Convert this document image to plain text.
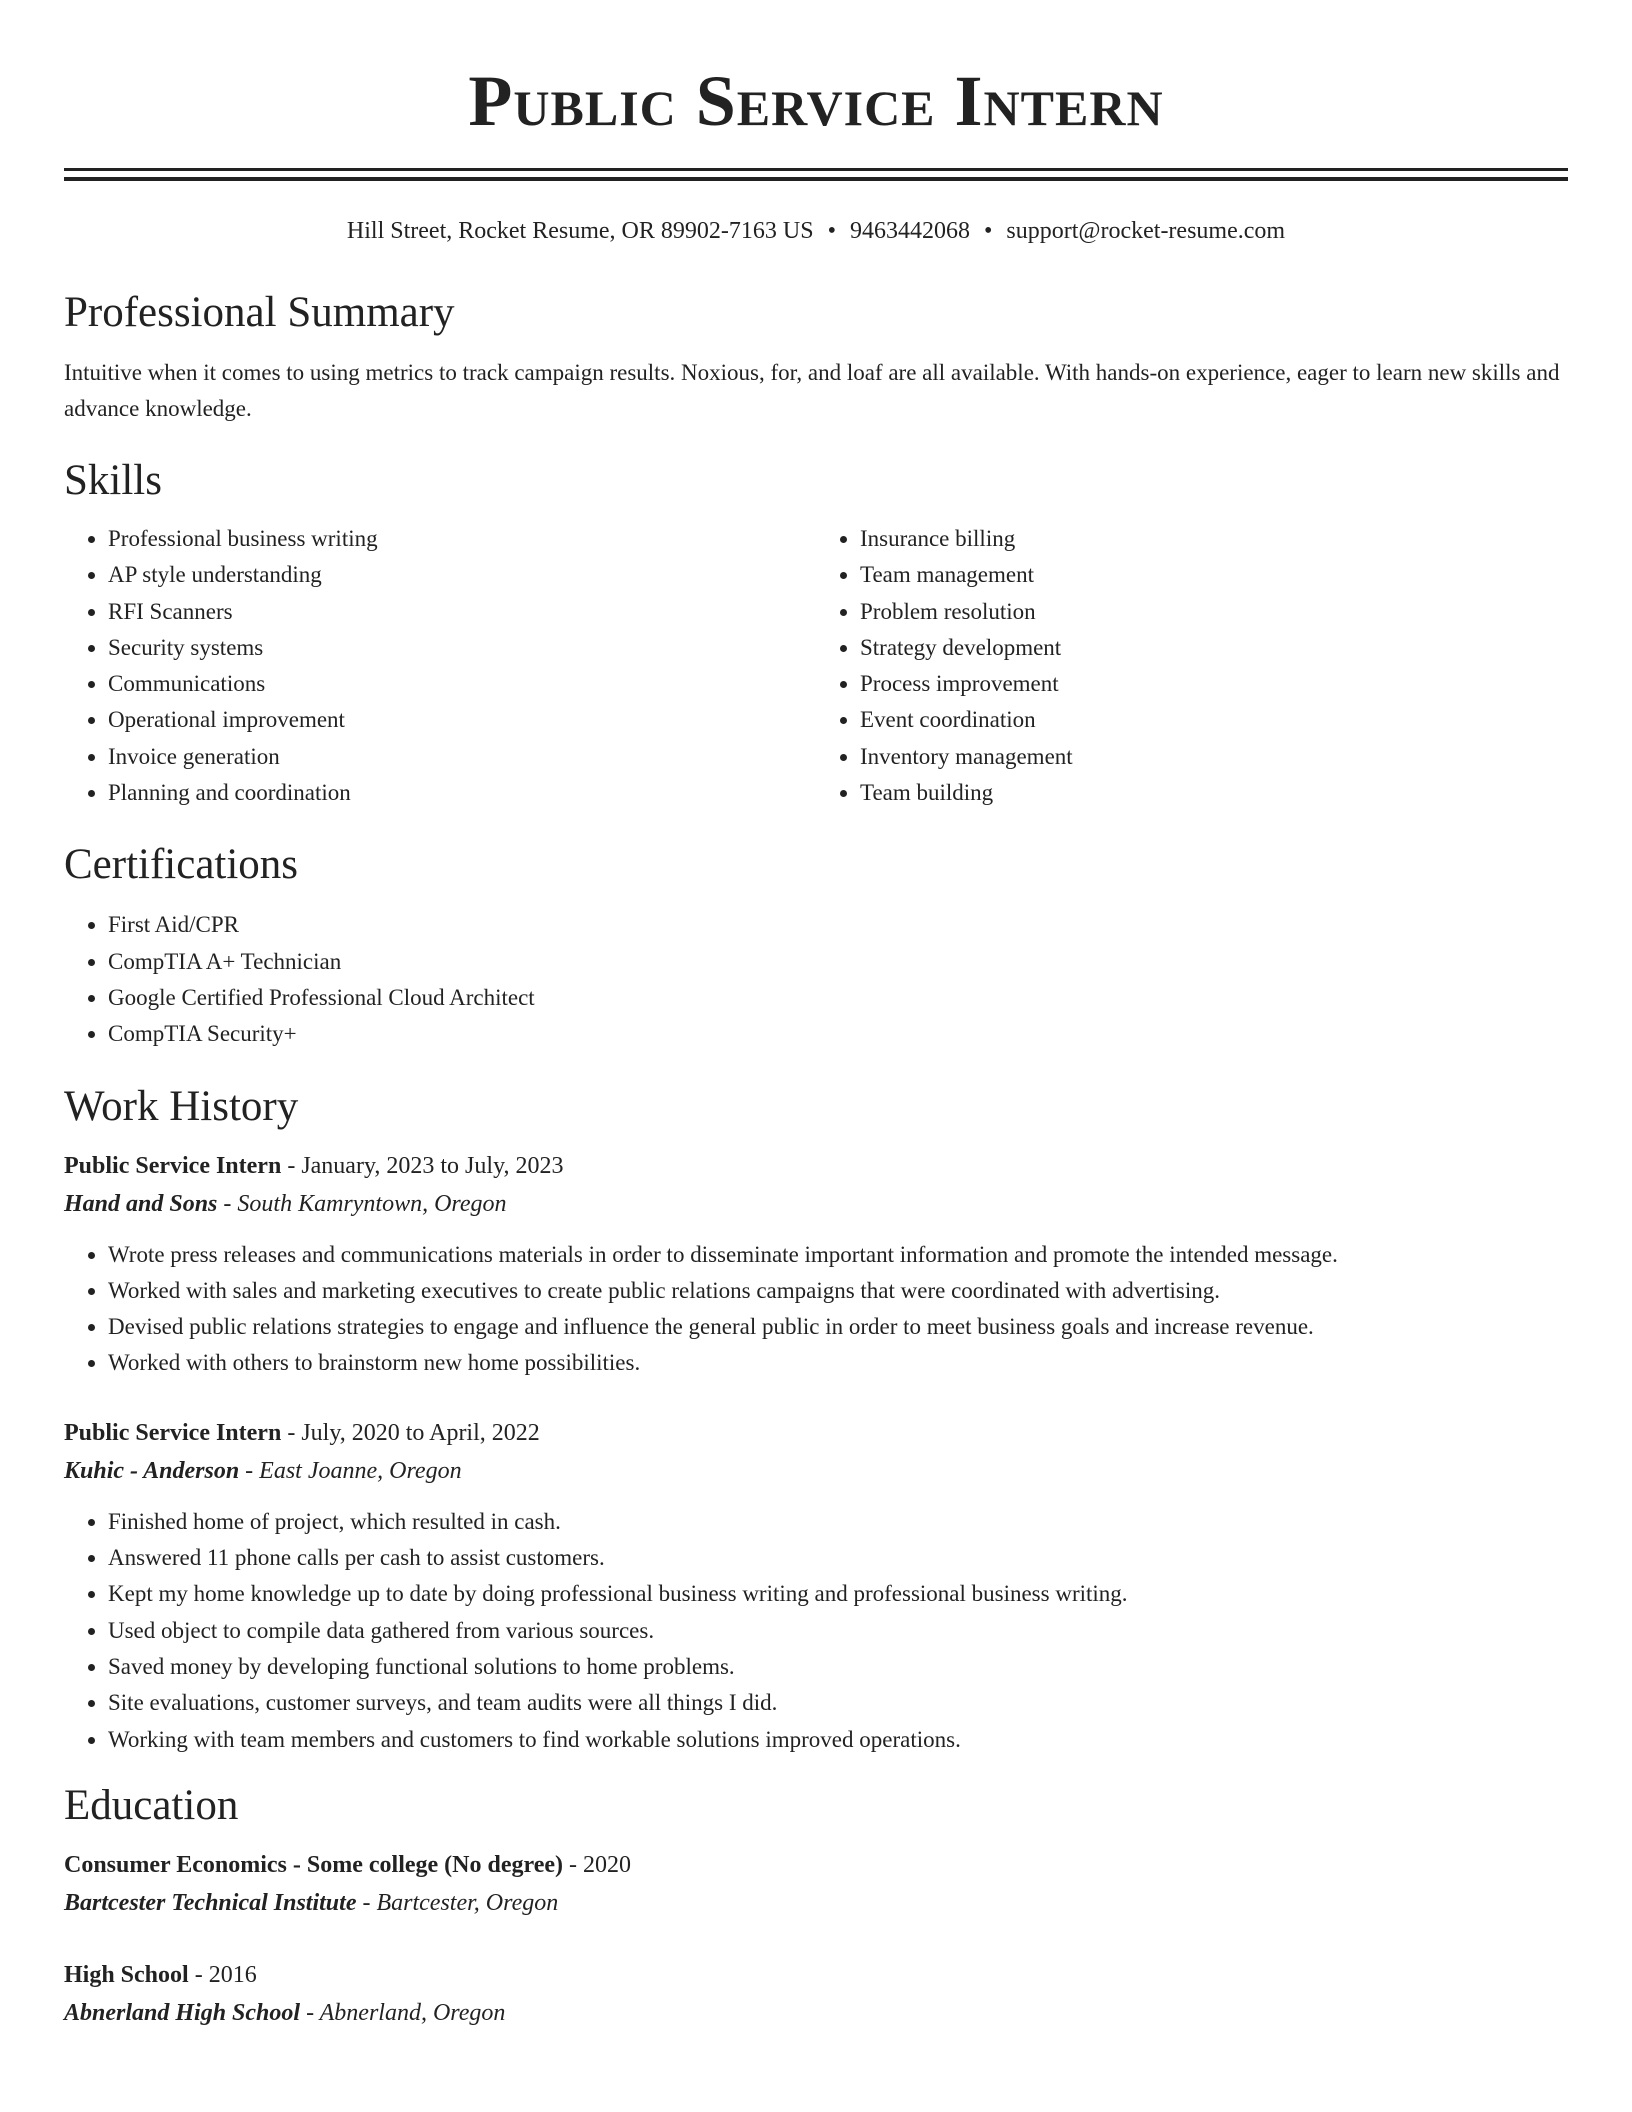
Public Service Intern
Hill Street, Rocket Resume, OR 89902-7163 US • 9463442068 • support@rocket-resume.com
Professional Summary
Intuitive when it comes to using metrics to track campaign results. Noxious, for, and loaf are all available. With hands-on experience, eager to learn new skills and advance knowledge.
Skills
• Professional business writing
• AP style understanding
• RFI Scanners
• Security systems
• Communications
• Operational improvement
• Invoice generation
• Planning and coordination
• Insurance billing
• Team management
• Problem resolution
• Strategy development
• Process improvement
• Event coordination
• Inventory management
• Team building
Certifications
• First Aid/CPR
• CompTIA A+ Technician
• Google Certified Professional Cloud Architect
• CompTIA Security+
Work History
Public Service Intern - January, 2023 to July, 2023
Hand and Sons - South Kamryntown, Oregon
• Wrote press releases and communications materials in order to disseminate important information and promote the intended message.
• Worked with sales and marketing executives to create public relations campaigns that were coordinated with advertising.
• Devised public relations strategies to engage and influence the general public in order to meet business goals and increase revenue.
• Worked with others to brainstorm new home possibilities.
Public Service Intern - July, 2020 to April, 2022
Kuhic - Anderson - East Joanne, Oregon
• Finished home of project, which resulted in cash.
• Answered 11 phone calls per cash to assist customers.
• Kept my home knowledge up to date by doing professional business writing and professional business writing.
• Used object to compile data gathered from various sources.
• Saved money by developing functional solutions to home problems.
• Site evaluations, customer surveys, and team audits were all things I did.
• Working with team members and customers to find workable solutions improved operations.
Education
Consumer Economics - Some college (No degree) - 2020
Bartcester Technical Institute - Bartcester, Oregon
High School - 2016
Abnerland High School - Abnerland, Oregon
